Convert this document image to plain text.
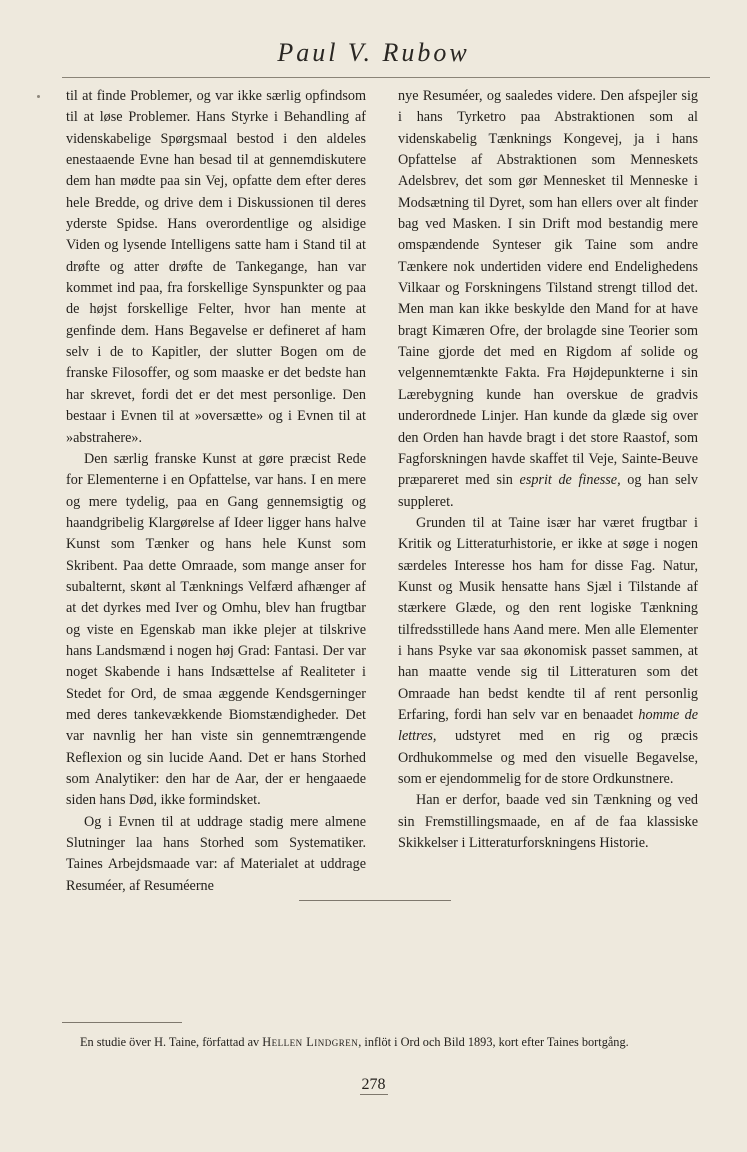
Paul V. Rubow

til at finde Problemer, og var ikke særlig opfindsom til at løse Problemer. Hans Styrke i Behandling af videnskabelige Spørgsmaal bestod i den aldeles enestaaende Evne han besad til at gennemdiskutere dem han mødte paa sin Vej, opfatte dem efter deres hele Bredde, og drive dem i Diskussionen til deres yderste Spidse. Hans overordentlige og alsidige Viden og lysende Intelligens satte ham i Stand til at drøfte og atter drøfte de Tankegange, han var kommet ind paa, fra forskellige Synspunkter og paa de højst forskellige Felter, hvor han mente at genfinde dem. Hans Begavelse er defineret af ham selv i de to Kapitler, der slutter Bogen om de franske Filosoffer, og som maaske er det bedste han har skrevet, fordi det er det mest personlige. Den bestaar i Evnen til at »oversætte» og i Evnen til at »abstrahere».

Den særlig franske Kunst at gøre præcist Rede for Elementerne i en Opfattelse, var hans. I en mere og mere tydelig, paa en Gang gennemsigtig og haandgribelig Klargørelse af Ideer ligger hans halve Kunst som Tænker og hans hele Kunst som Skribent. Paa dette Omraade, som mange anser for subalternt, skønt al Tænknings Velfærd afhænger af at det dyrkes med Iver og Omhu, blev han frugtbar og viste en Egenskab man ikke plejer at tilskrive hans Landsmænd i nogen høj Grad: Fantasi. Der var noget Skabende i hans Indsættelse af Realiteter i Stedet for Ord, de smaa æggende Kendsgerninger med deres tankevækkende Biomstændigheder. Det var navnlig her han viste sin gennemtrængende Reflexion og sin lucide Aand. Det er hans Storhed som Analytiker: den har de Aar, der er hengaaede siden hans Død, ikke formindsket.

Og i Evnen til at uddrage stadig mere almene Slutninger laa hans Storhed som Systematiker. Taines Arbejdsmaade var: af Materialet at uddrage Resuméer, af Resuméerne

nye Resuméer, og saaledes videre. Den afspejler sig i hans Tyrketro paa Abstraktionen som al videnskabelig Tænknings Kongevej, ja i hans Opfattelse af Abstraktionen som Menneskets Adelsbrev, det som gør Mennesket til Menneske i Modsætning til Dyret, som han ellers over alt finder bag ved Masken. I sin Drift mod bestandig mere omspændende Synteser gik Taine som andre Tænkere nok undertiden videre end Endelighedens Vilkaar og Forskningens Tilstand strengt tillod det. Men man kan ikke beskylde den Mand for at have bragt Kimæren Ofre, der brolagde sine Teorier som Taine gjorde det med en Rigdom af solide og velgennemtænkte Fakta. Fra Højdepunkterne i sin Lærebygning kunde han overskue de gradvis underordnede Linjer. Han kunde da glæde sig over den Orden han havde bragt i det store Raastof, som Fagforskningen havde skaffet til Veje, Sainte-Beuve præpareret med sin esprit de finesse, og han selv suppleret.

Grunden til at Taine især har været frugtbar i Kritik og Litteraturhistorie, er ikke at søge i nogen særdeles Interesse hos ham for disse Fag. Natur, Kunst og Musik hensatte hans Sjæl i Tilstande af stærkere Glæde, og den rent logiske Tænkning tilfredsstillede hans Aand mere. Men alle Elementer i hans Psyke var saa økonomisk passet sammen, at han maatte vende sig til Litteraturen som det Omraade han bedst kendte til af rent personlig Erfaring, fordi han selv var en benaadet homme de lettres, udstyret med en rig og præcis Ordhukommelse og med den visuelle Begavelse, som er ejendommelig for de store Ordkunstnere.

Han er derfor, baade ved sin Tænkning og ved sin Fremstillingsmaade, en af de faa klassiske Skikkelser i Litteraturforskningens Historie.

En studie över H. Taine, författad av Hellen Lindgren, inflöt i Ord och Bild 1893, kort efter Taines bortgång.
278
